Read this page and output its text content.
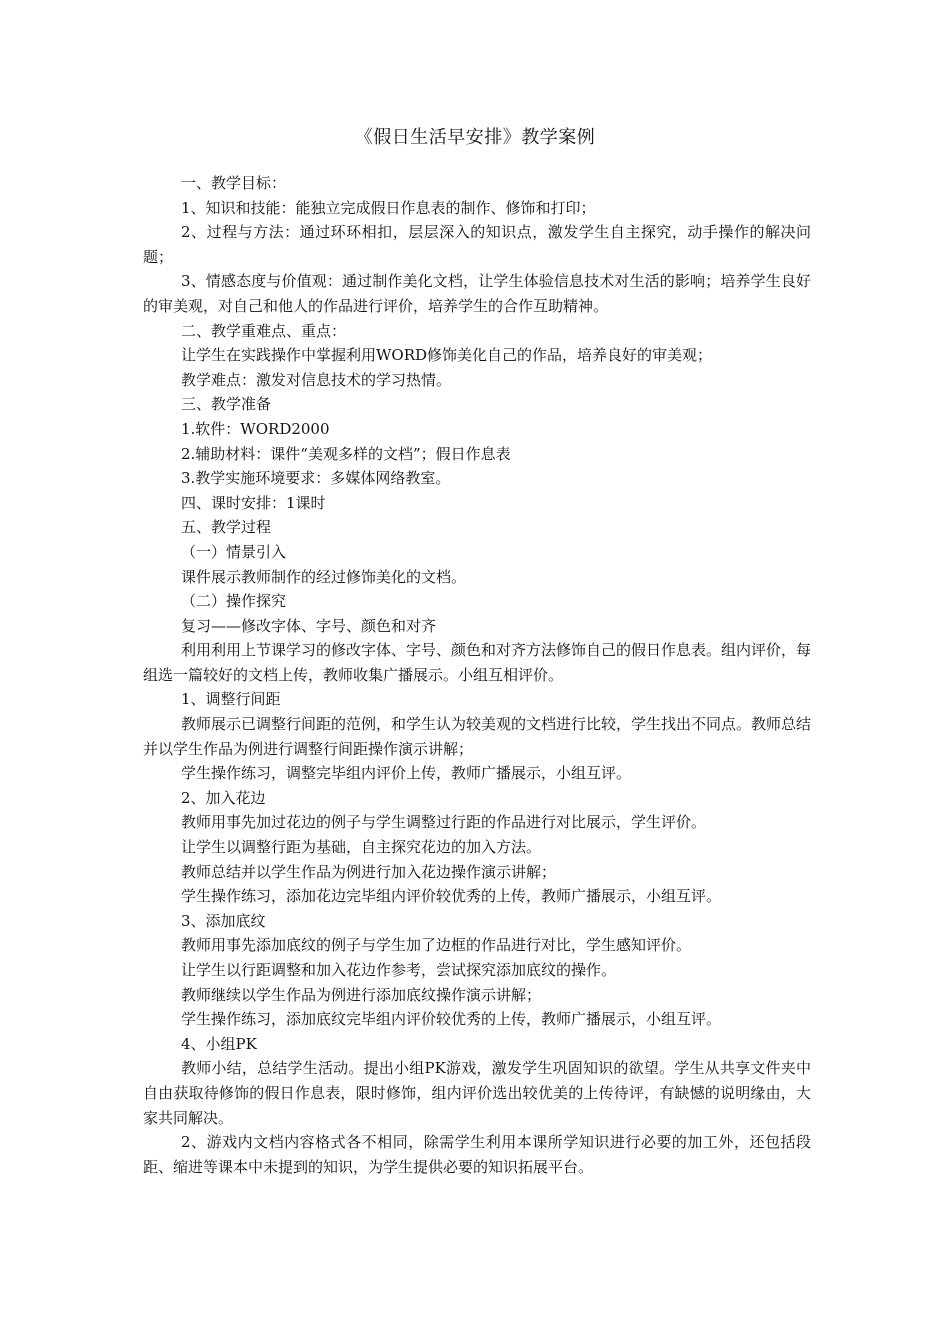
《假日生活早安排》教学案例

一、教学目标：

1、知识和技能：能独立完成假日作息表的制作、修饰和打印；

2、过程与方法：通过环环相扣，层层深入的知识点，激发学生自主探究，动手操作的解决问题；

3、情感态度与价值观：通过制作美化文档，让学生体验信息技术对生活的影响；培养学生良好的审美观，对自己和他人的作品进行评价，培养学生的合作互助精神。

二、教学重难点、重点：

让学生在实践操作中掌握利用WORD修饰美化自己的作品，培养良好的审美观；

教学难点：激发对信息技术的学习热情。

三、教学准备

1.软件：WORD2000

2.辅助材料：课件“美观多样的文档”；假日作息表

3.教学实施环境要求：多媒体网络教室。

四、课时安排：1课时

五、教学过程

（一）情景引入

课件展示教师制作的经过修饰美化的文档。

（二）操作探究

复习——修改字体、字号、颜色和对齐

利用利用上节课学习的修改字体、字号、颜色和对齐方法修饰自己的假日作息表。组内评价，每组选一篇较好的文档上传，教师收集广播展示。小组互相评价。

1、调整行间距

教师展示已调整行间距的范例，和学生认为较美观的文档进行比较，学生找出不同点。教师总结并以学生作品为例进行调整行间距操作演示讲解；

学生操作练习，调整完毕组内评价上传，教师广播展示，小组互评。

2、加入花边

教师用事先加过花边的例子与学生调整过行距的作品进行对比展示，学生评价。

让学生以调整行距为基础，自主探究花边的加入方法。

教师总结并以学生作品为例进行加入花边操作演示讲解；

学生操作练习，添加花边完毕组内评价较优秀的上传，教师广播展示，小组互评。

3、添加底纹

教师用事先添加底纹的例子与学生加了边框的作品进行对比，学生感知评价。

让学生以行距调整和加入花边作参考，尝试探究添加底纹的操作。

教师继续以学生作品为例进行添加底纹操作演示讲解；

学生操作练习，添加底纹完毕组内评价较优秀的上传，教师广播展示，小组互评。

4、小组PK

教师小结，总结学生活动。提出小组PK游戏，激发学生巩固知识的欲望。学生从共享文件夹中自由获取待修饰的假日作息表，限时修饰，组内评价选出较优美的上传待评，有缺憾的说明缘由，大家共同解决。

2、游戏内文档内容格式各不相同，除需学生利用本课所学知识进行必要的加工外，还包括段距、缩进等课本中未提到的知识，为学生提供必要的知识拓展平台。
